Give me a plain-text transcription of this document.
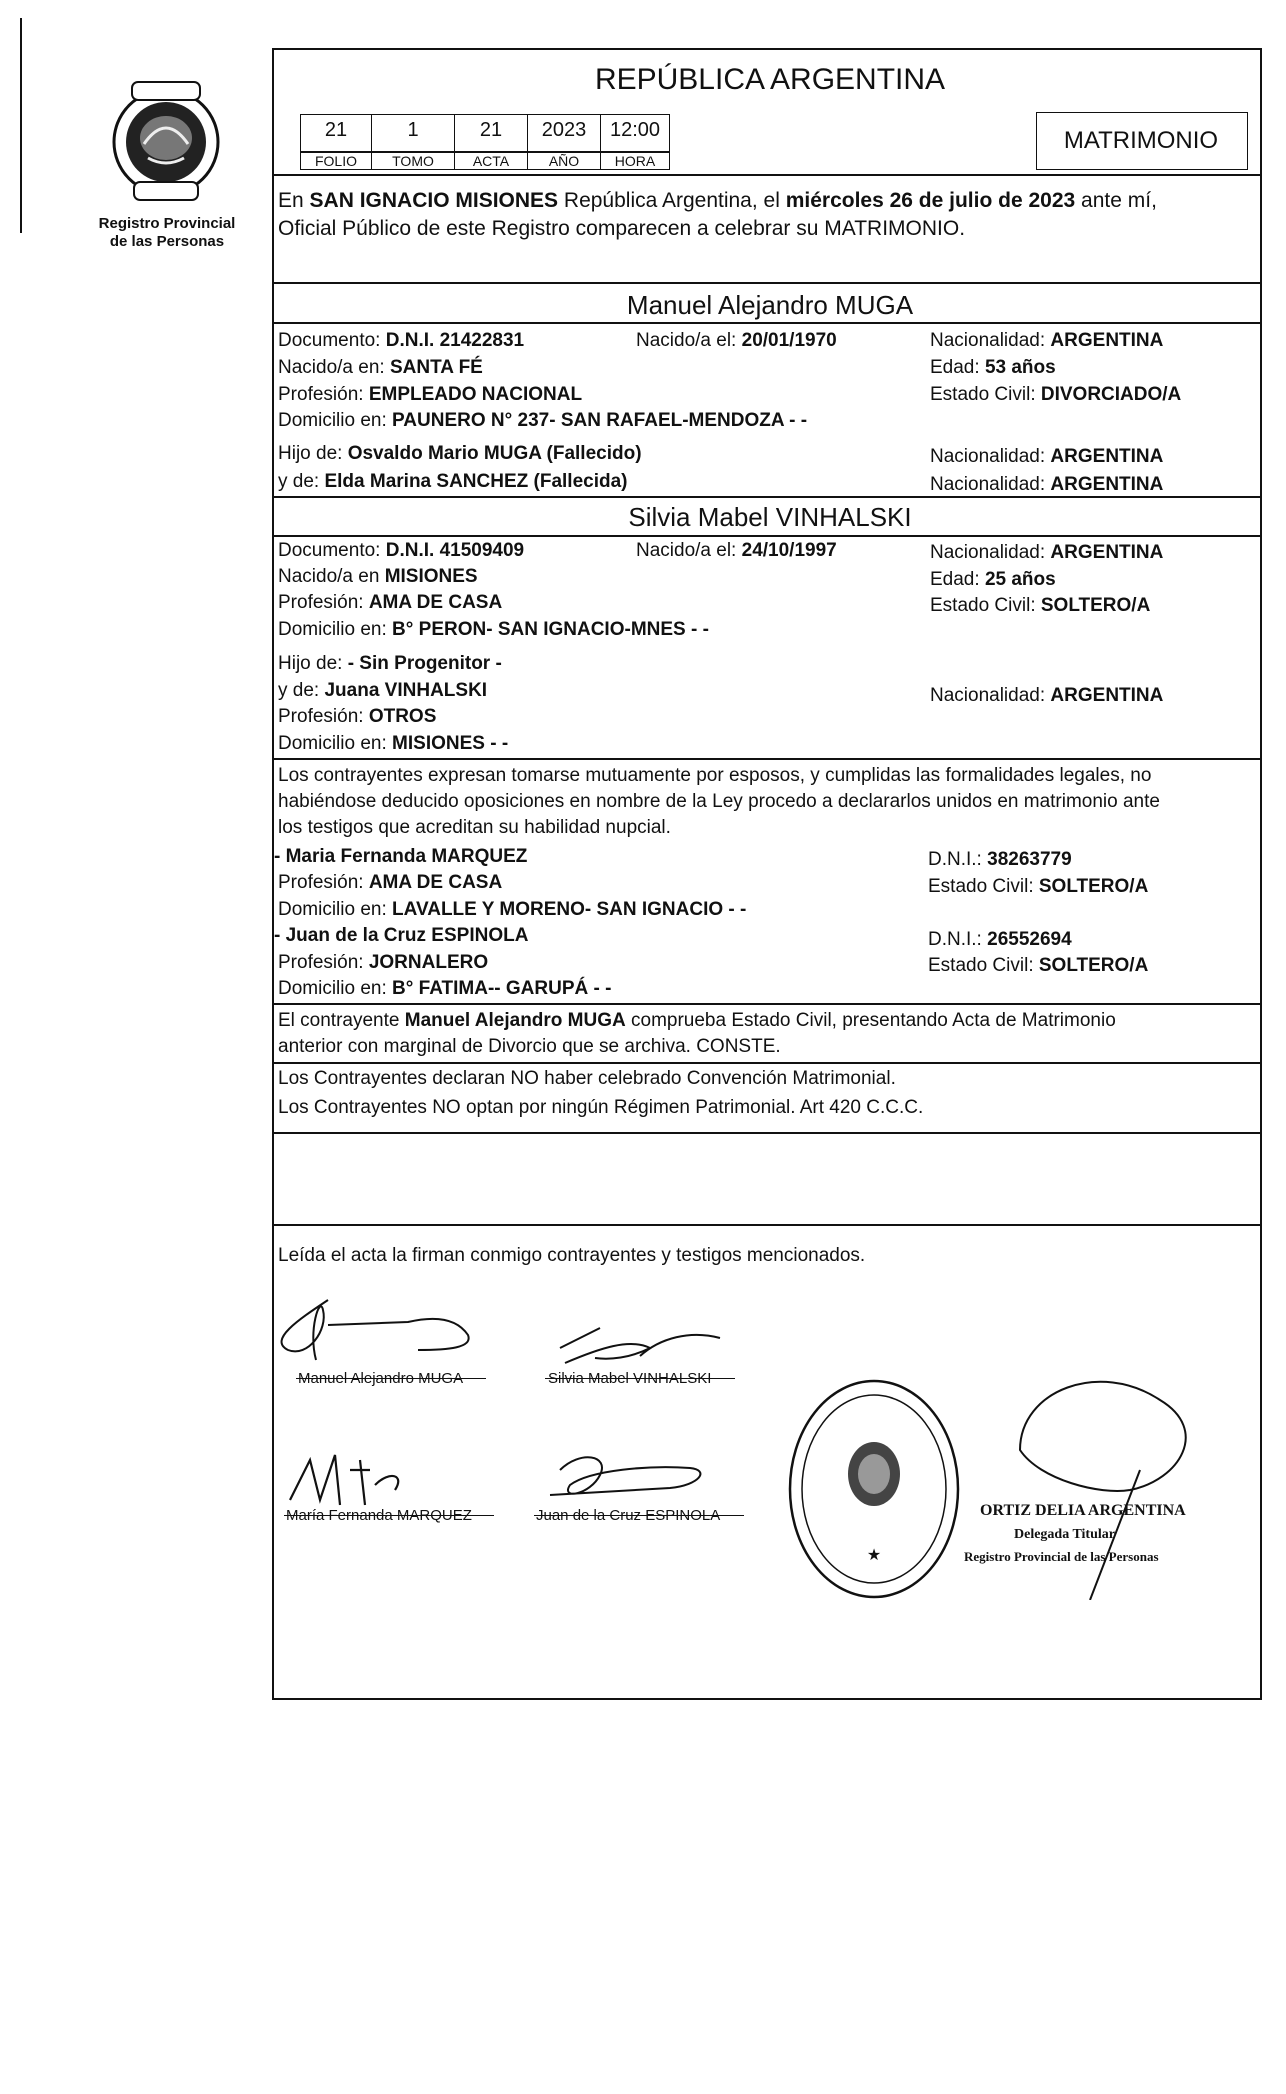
Registro Provincial
de las Personas
REPÚBLICA ARGENTINA
MATRIMONIO
21	1	21	2023	12:00
FOLIO	TOMO	ACTA	AÑO	HORA
En SAN IGNACIO MISIONES República Argentina, el miércoles 26 de julio de 2023 ante mí,
Oficial Público de este Registro comparecen a celebrar su MATRIMONIO.
Manuel Alejandro MUGA
Documento: D.N.I. 21422831	Nacido/a el: 20/01/1970	Nacionalidad: ARGENTINA
Nacido/a en: SANTA FÉ	Edad: 53 años
Profesión: EMPLEADO NACIONAL	Estado Civil: DIVORCIADO/A
Domicilio en: PAUNERO N° 237- SAN RAFAEL-MENDOZA - -
Hijo de: Osvaldo Mario MUGA (Fallecido)	Nacionalidad: ARGENTINA
y de: Elda Marina SANCHEZ (Fallecida)	Nacionalidad: ARGENTINA
Silvia Mabel VINHALSKI
Documento: D.N.I. 41509409	Nacido/a el: 24/10/1997	Nacionalidad: ARGENTINA
Nacido/a en MISIONES	Edad: 25 años
Profesión: AMA DE CASA	Estado Civil: SOLTERO/A
Domicilio en: B° PERON- SAN IGNACIO-MNES - -
Hijo de: - Sin Progenitor -
y de: Juana VINHALSKI	Nacionalidad: ARGENTINA
Profesión: OTROS
Domicilio en: MISIONES - -
Los contrayentes expresan tomarse mutuamente por esposos, y cumplidas las formalidades legales, no
habiéndose deducido oposiciones en nombre de la Ley procedo a declararlos unidos en matrimonio ante
los testigos que acreditan su habilidad nupcial.
- Maria Fernanda MARQUEZ	D.N.I.: 38263779
Profesión: AMA DE CASA	Estado Civil: SOLTERO/A
Domicilio en: LAVALLE Y MORENO- SAN IGNACIO - -
- Juan de la Cruz ESPINOLA	D.N.I.: 26552694
Profesión: JORNALERO	Estado Civil: SOLTERO/A
Domicilio en: B° FATIMA-- GARUPÁ - -
El contrayente Manuel Alejandro MUGA comprueba Estado Civil, presentando Acta de Matrimonio
anterior con marginal de Divorcio que se archiva. CONSTE.
Los Contrayentes declaran NO haber celebrado Convención Matrimonial.
Los Contrayentes NO optan por ningún Régimen Patrimonial. Art 420 C.C.C.
Leída el acta la firman conmigo contrayentes y testigos mencionados.
Manuel Alejandro MUGA	Silvia Mabel VINHALSKI
María Fernanda MARQUEZ	Juan de la Cruz ESPINOLA
★
ORTIZ DELIA ARGENTINA
Delegada Titular
Registro Provincial de las Personas
